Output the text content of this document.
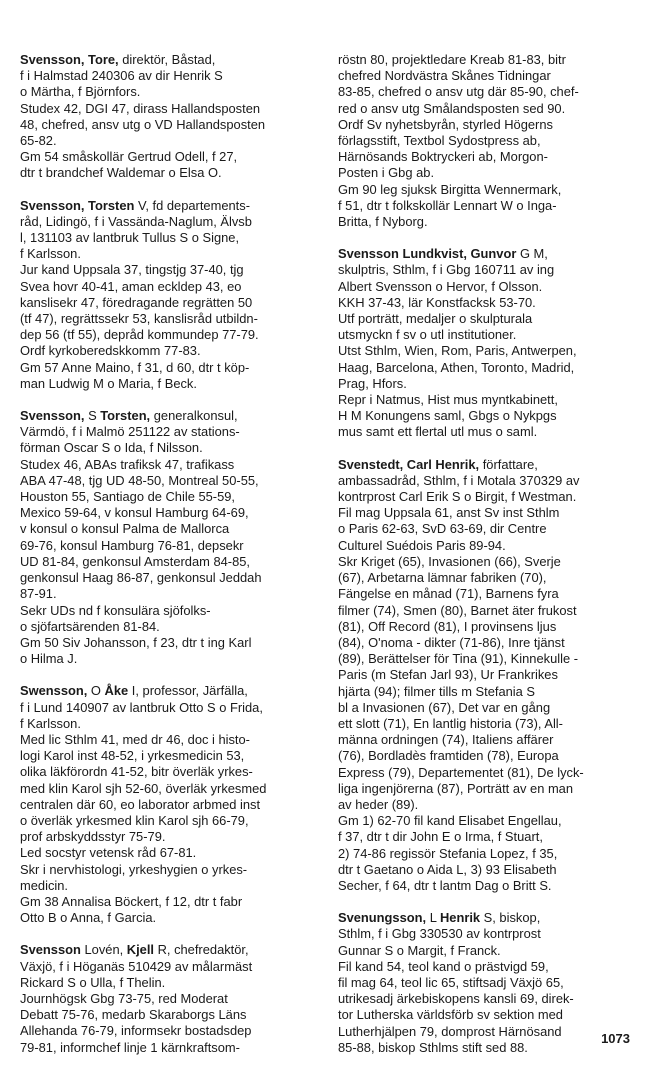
Svensson, Tore, direktör, Båstad,
f i Halmstad 240306 av dir Henrik S
o Märtha, f Björnfors.
Studex 42, DGI 47, dirass Hallandsposten
48, chefred, ansv utg o VD Hallandsposten
65-82.
Gm 54 småskollär Gertrud Odell, f 27,
dtr t brandchef Waldemar o Elsa O.
Svensson, Torsten V, fd departements-
råd, Lidingö, f i Vassända-Naglum, Älvsb
l, 131103 av lantbruk Tullus S o Signe,
f Karlsson.
Jur kand Uppsala 37, tingstjg 37-40, tjg
Svea hovr 40-41, aman eckldep 43, eo
kanslisekr 47, föredragande regrätten 50
(tf 47), regrättssekr 53, kanslisråd utbildn-
dep 56 (tf 55), depråd kommundep 77-79.
Ordf kyrkoberedskkomm 77-83.
Gm 57 Anne Maino, f 31, d 60, dtr t köp-
man Ludwig M o Maria, f Beck.
Svensson, S Torsten, generalkonsul,
Värmdö, f i Malmö 251122 av stations-
förman Oscar S o Ida, f Nilsson.
Studex 46, ABAs trafiksk 47, trafikass
ABA 47-48, tjg UD 48-50, Montreal 50-55,
Houston 55, Santiago de Chile 55-59,
Mexico 59-64, v konsul Hamburg 64-69,
v konsul o konsul Palma de Mallorca
69-76, konsul Hamburg 76-81, depsekr
UD 81-84, genkonsul Amsterdam 84-85,
genkonsul Haag 86-87, genkonsul Jeddah
87-91.
Sekr UDs nd f konsulära sjöfolks-
o sjöfartsärenden 81-84.
Gm 50 Siv Johansson, f 23, dtr t ing Karl
o Hilma J.
Swensson, O Åke I, professor, Järfälla,
f i Lund 140907 av lantbruk Otto S o Frida,
f Karlsson.
Med lic Sthlm 41, med dr 46, doc i histo-
logi Karol inst 48-52, i yrkesmedicin 53,
olika läkförordn 41-52, bitr överläk yrkes-
med klin Karol sjh 52-60, överläk yrkesmed
centralen där 60, eo laborator arbmed inst
o överläk yrkesmed klin Karol sjh 66-79,
prof arbskyddsstyr 75-79.
Led socstyr vetensk råd 67-81.
Skr i nervhistologi, yrkeshygien o yrkes-
medicin.
Gm 38 Annalisa Böckert, f 12, dtr t fabr
Otto B o Anna, f Garcia.
Svensson Lovén, Kjell R, chefredaktör,
Växjö, f i Höganäs 510429 av målarmäst
Rickard S o Ulla, f Thelin.
Journhögsk Gbg 73-75, red Moderat
Debatt 75-76, medarb Skaraborgs Läns
Allehanda 76-79, informsekr bostadsdep
79-81, informchef linje 1 kärnkraftsom-
röstn 80, projektledare Kreab 81-83, bitr
chefred Nordvästra Skånes Tidningar
83-85, chefred o ansv utg där 85-90, chef-
red o ansv utg Smålandsposten sed 90.
Ordf Sv nyhetsbyrån, styrled Högerns
förlagsstift, Textbol Sydostpress ab,
Härnösands Boktryckeri ab, Morgon-
Posten i Gbg ab.
Gm 90 leg sjuksk Birgitta Wennermark,
f 51, dtr t folkskollär Lennart W o Inga-
Britta, f Nyborg.
Svensson Lundkvist, Gunvor G M,
skulptris, Sthlm, f i Gbg 160711 av ing
Albert Svensson o Hervor, f Olsson.
KKH 37-43, lär Konstfacksk 53-70.
Utf porträtt, medaljer o skulpturala
utsmyckn f sv o utl institutioner.
Utst Sthlm, Wien, Rom, Paris, Antwerpen,
Haag, Barcelona, Athen, Toronto, Madrid,
Prag, Hfors.
Repr i Natmus, Hist mus myntkabinett,
H M Konungens saml, Gbgs o Nykpgs
mus samt ett flertal utl mus o saml.
Svenstedt, Carl Henrik, författare,
ambassadråd, Sthlm, f i Motala 370329 av
kontrprost Carl Erik S o Birgit, f Westman.
Fil mag Uppsala 61, anst Sv inst Sthlm
o Paris 62-63, SvD 63-69, dir Centre
Culturel Suédois Paris 89-94.
Skr Kriget (65), Invasionen (66), Sverje
(67), Arbetarna lämnar fabriken (70),
Fängelse en månad (71), Barnens fyra
filmer (74), Smen (80), Barnet äter frukost
(81), Off Record (81), I provinsens ljus
(84), O'noma - dikter (71-86), Inre tjänst
(89), Berättelser för Tina (91), Kinnekulle -
Paris (m Stefan Jarl 93), Ur Frankrikes
hjärta (94); filmer tills m Stefania S
bl a Invasionen (67), Det var en gång
ett slott (71), En lantlig historia (73), All-
männa ordningen (74), Italiens affärer
(76), Bordladès framtiden (78), Europa
Express (79), Departementet (81), De lyck-
liga ingenjörerna (87), Porträtt av en man
av heder (89).
Gm 1) 62-70 fil kand Elisabet Engellau,
f 37, dtr t dir John E o Irma, f Stuart,
2) 74-86 regissör Stefania Lopez, f 35,
dtr t Gaetano o Aida L, 3) 93 Elisabeth
Secher, f 64, dtr t lantm Dag o Britt S.
Svenungsson, L Henrik S, biskop,
Sthlm, f i Gbg 330530 av kontrprost
Gunnar S o Margit, f Franck.
Fil kand 54, teol kand o prästvigd 59,
fil mag 64, teol lic 65, stiftsadj Växjö 65,
utrikesadj ärkebiskopens kansli 69, direk-
tor Lutherska världsförb sv sektion med
Lutherhjälpen 79, domprost Härnösand
85-88, biskop Sthlms stift sed 88.
1073
